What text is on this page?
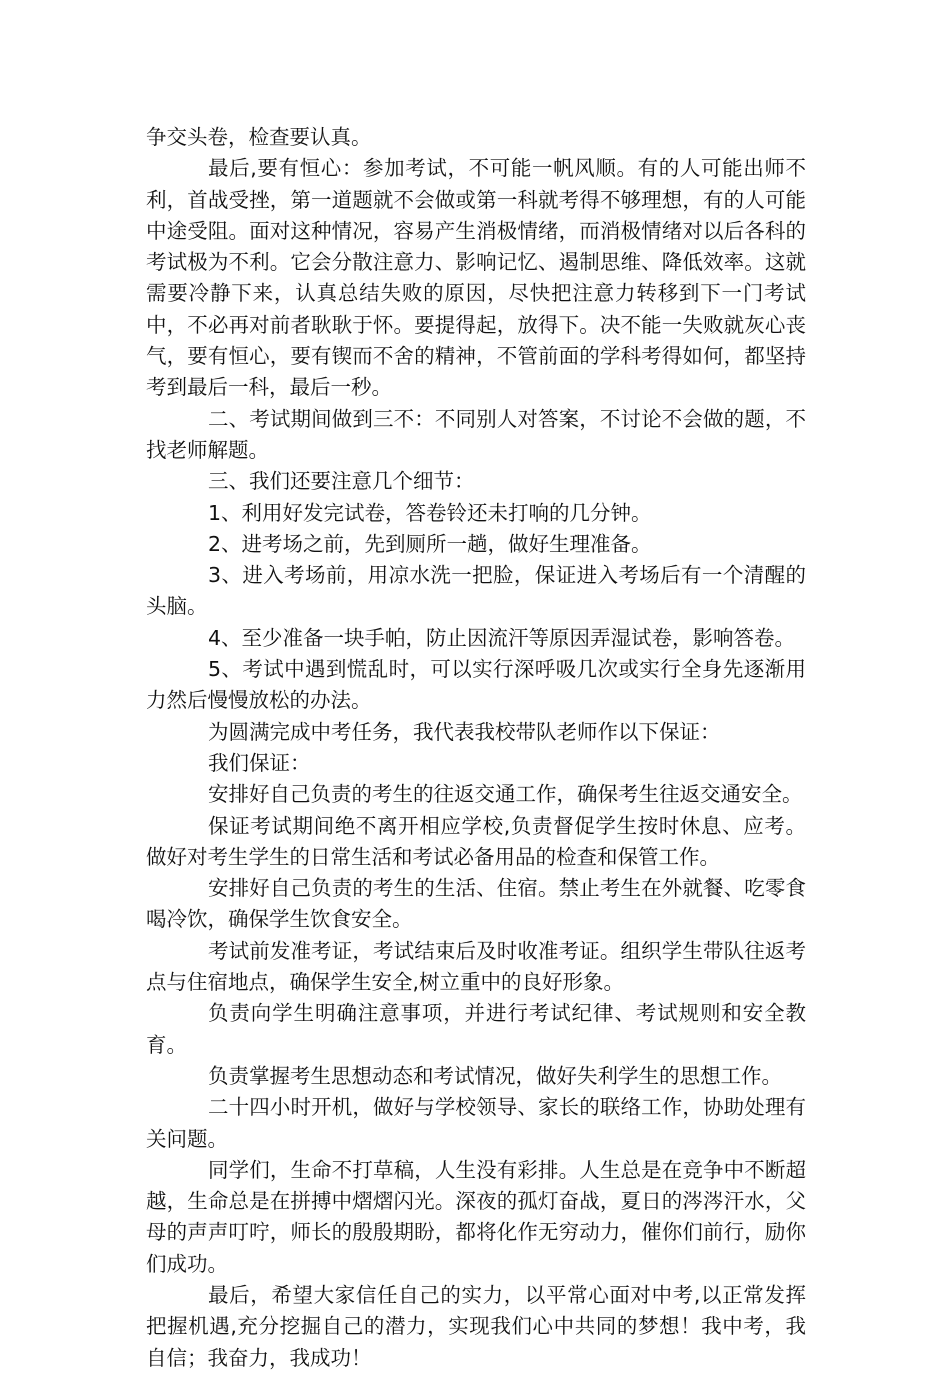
争交头卷，检查要认真。

最后,要有恒心：参加考试，不可能一帆风顺。有的人可能出师不利，首战受挫，第一道题就不会做或第一科就考得不够理想，有的人可能中途受阻。面对这种情况，容易产生消极情绪，而消极情绪对以后各科的考试极为不利。它会分散注意力、影响记忆、遏制思维、降低效率。这就需要冷静下来，认真总结失败的原因，尽快把注意力转移到下一门考试中，不必再对前者耿耿于怀。要提得起，放得下。决不能一失败就灰心丧气，要有恒心，要有锲而不舍的精神，不管前面的学科考得如何，都坚持考到最后一科，最后一秒。

二、考试期间做到三不：不同别人对答案，不讨论不会做的题，不找老师解题。

三、我们还要注意几个细节：

1、利用好发完试卷，答卷铃还未打响的几分钟。

2、进考场之前，先到厕所一趟，做好生理准备。

3、进入考场前，用凉水洗一把脸，保证进入考场后有一个清醒的头脑。

4、至少准备一块手帕，防止因流汗等原因弄湿试卷，影响答卷。

5、考试中遇到慌乱时，可以实行深呼吸几次或实行全身先逐渐用力然后慢慢放松的办法。

为圆满完成中考任务，我代表我校带队老师作以下保证：

我们保证：

安排好自己负责的考生的往返交通工作，确保考生往返交通安全。

保证考试期间绝不离开相应学校,负责督促学生按时休息、应考。做好对考生学生的日常生活和考试必备用品的检查和保管工作。

安排好自己负责的考生的生活、住宿。禁止考生在外就餐、吃零食喝冷饮，确保学生饮食安全。

考试前发准考证，考试结束后及时收准考证。组织学生带队往返考点与住宿地点，确保学生安全,树立重中的良好形象。

负责向学生明确注意事项，并进行考试纪律、考试规则和安全教育。

负责掌握考生思想动态和考试情况，做好失利学生的思想工作。

二十四小时开机，做好与学校领导、家长的联络工作，协助处理有关问题。

同学们，生命不打草稿，人生没有彩排。人生总是在竞争中不断超越，生命总是在拼搏中熠熠闪光。深夜的孤灯奋战，夏日的涔涔汗水，父母的声声叮咛，师长的殷殷期盼，都将化作无穷动力，催你们前行，励你们成功。

最后，希望大家信任自己的实力，以平常心面对中考,以正常发挥把握机遇,充分挖掘自己的潜力，实现我们心中共同的梦想！我中考，我自信；我奋力，我成功！
